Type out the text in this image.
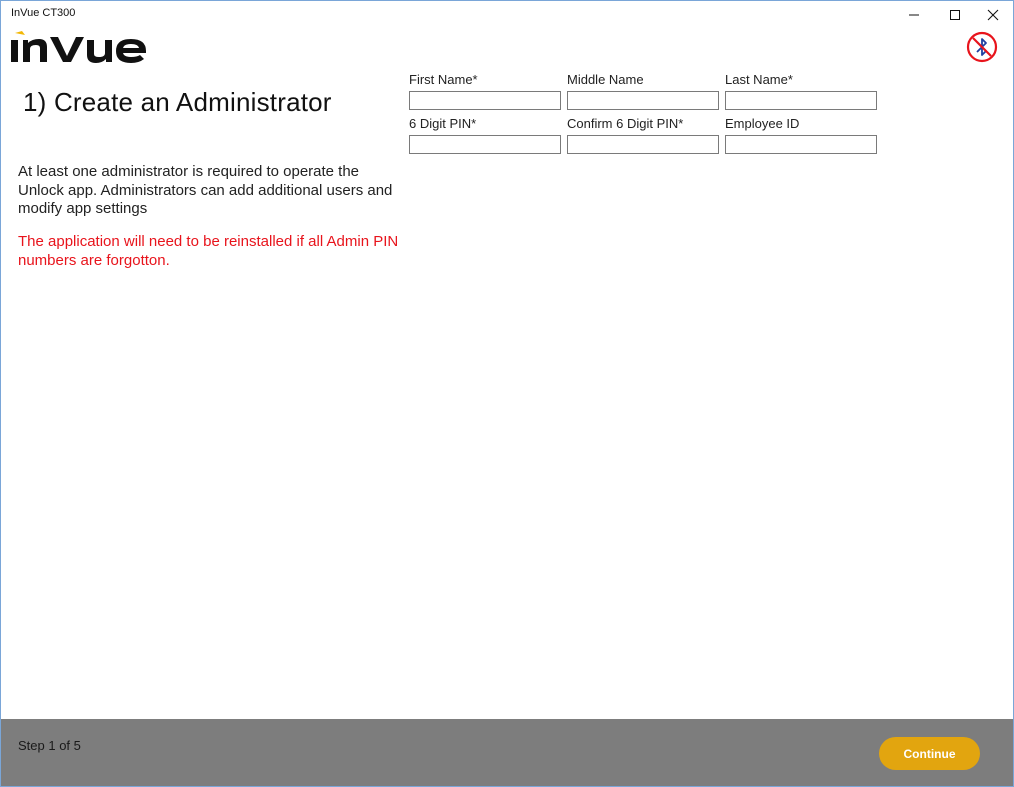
InVue CT300
1) Create an Administrator

At least one administrator is required to operate the Unlock app. Administrators can add additional users and modify app settings

The application will need to be reinstalled if all Admin PIN numbers are forgotton.

First Name*	Middle Name	Last Name*
6 Digit PIN*	Confirm 6 Digit PIN*	Employee ID
Step 1 of 5
Continue
